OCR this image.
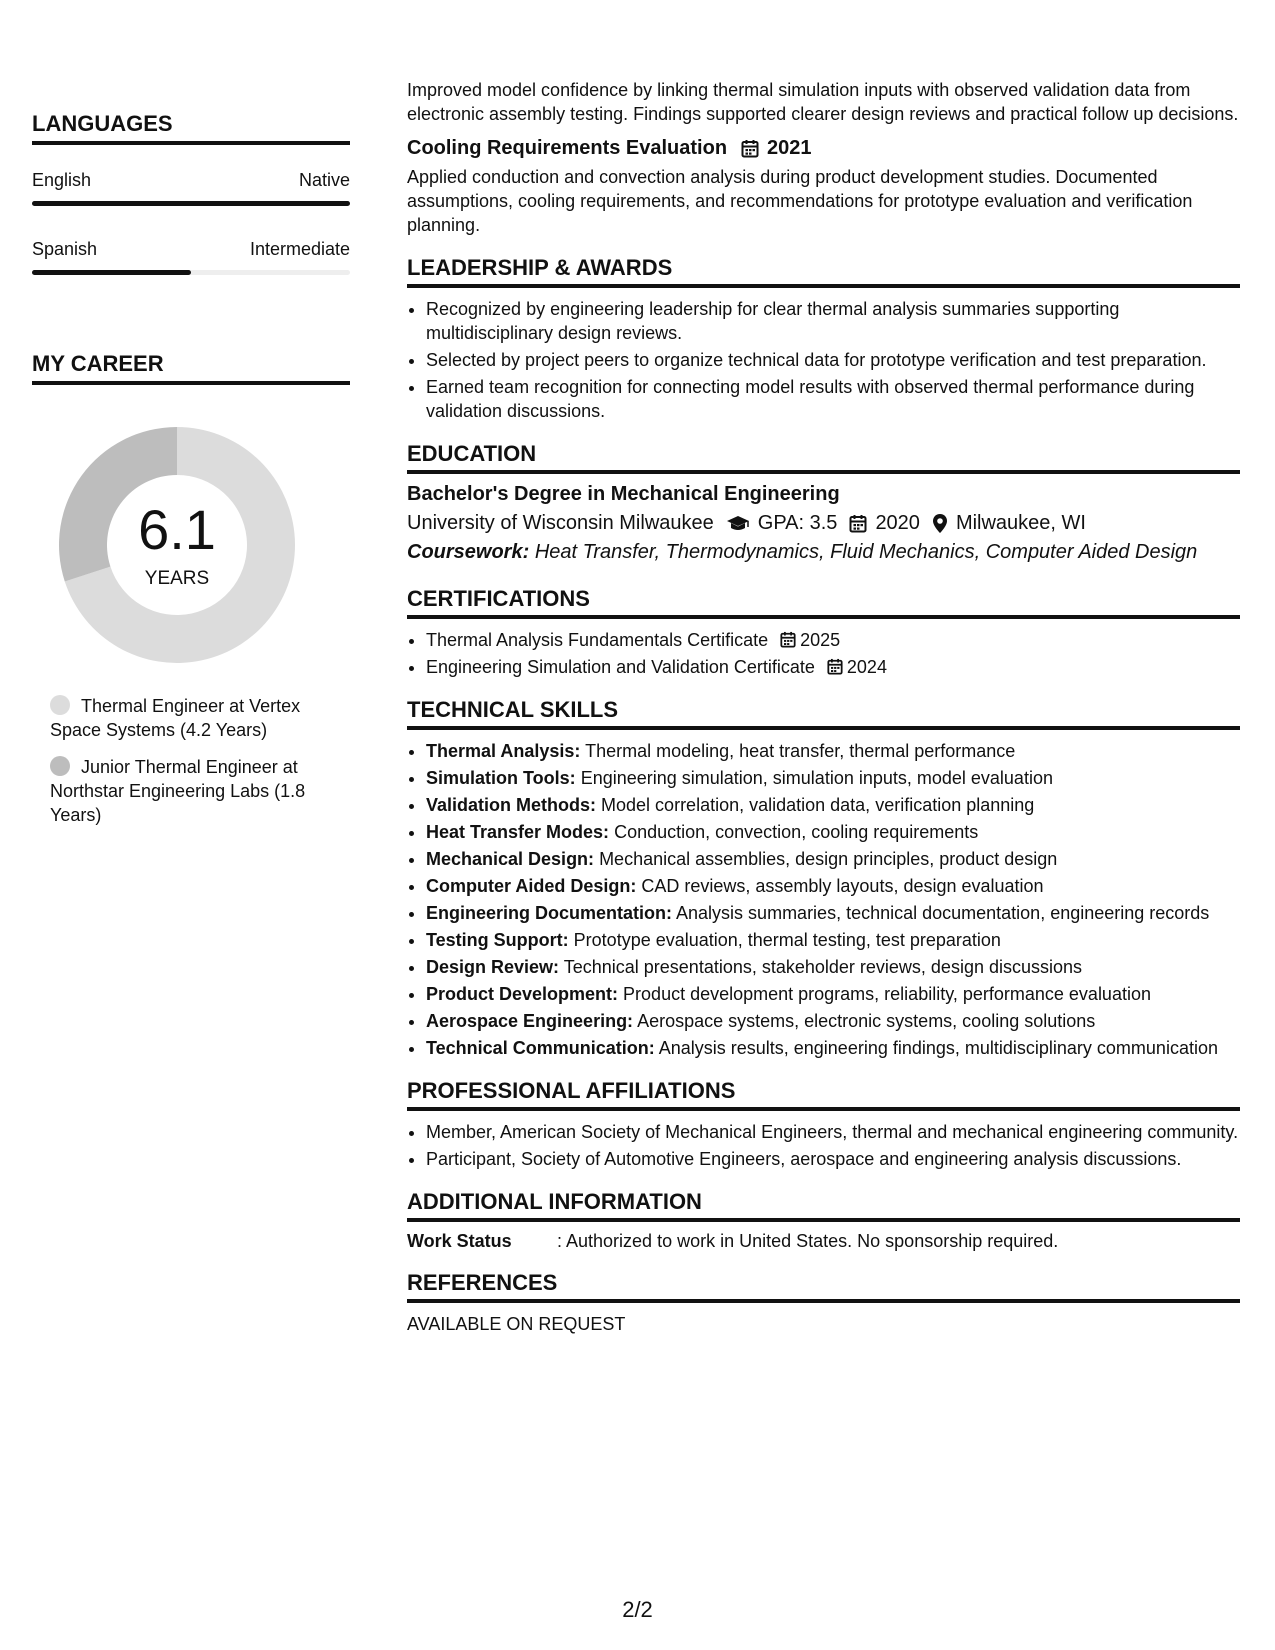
LANGUAGES
English	Native
Spanish	Intermediate
MY CAREER
6.1
YEARS
Thermal Engineer at Vertex Space Systems (4.2 Years)
Junior Thermal Engineer at Northstar Engineering Labs (1.8 Years)

Improved model confidence by linking thermal simulation inputs with observed validation data from electronic assembly testing. Findings supported clearer design reviews and practical follow up decisions.

Cooling Requirements Evaluation 2021

Applied conduction and convection analysis during product development studies. Documented assumptions, cooling requirements, and recommendations for prototype evaluation and verification planning.

LEADERSHIP & AWARDS
• Recognized by engineering leadership for clear thermal analysis summaries supporting multidisciplinary design reviews.
• Selected by project peers to organize technical data for prototype verification and test preparation.
• Earned team recognition for connecting model results with observed thermal performance during validation discussions.
EDUCATION
Bachelor's Degree in Mechanical Engineering
University of Wisconsin Milwaukee GPA: 3.5 2020 Milwaukee, WI
Coursework: Heat Transfer, Thermodynamics, Fluid Mechanics, Computer Aided Design
CERTIFICATIONS
• Thermal Analysis Fundamentals Certificate 2025
• Engineering Simulation and Validation Certificate 2024
TECHNICAL SKILLS
• Thermal Analysis: Thermal modeling, heat transfer, thermal performance
• Simulation Tools: Engineering simulation, simulation inputs, model evaluation
• Validation Methods: Model correlation, validation data, verification planning
• Heat Transfer Modes: Conduction, convection, cooling requirements
• Mechanical Design: Mechanical assemblies, design principles, product design
• Computer Aided Design: CAD reviews, assembly layouts, design evaluation
• Engineering Documentation: Analysis summaries, technical documentation, engineering records
• Testing Support: Prototype evaluation, thermal testing, test preparation
• Design Review: Technical presentations, stakeholder reviews, design discussions
• Product Development: Product development programs, reliability, performance evaluation
• Aerospace Engineering: Aerospace systems, electronic systems, cooling solutions
• Technical Communication: Analysis results, engineering findings, multidisciplinary communication
PROFESSIONAL AFFILIATIONS
• Member, American Society of Mechanical Engineers, thermal and mechanical engineering community.
• Participant, Society of Automotive Engineers, aerospace and engineering analysis discussions.
ADDITIONAL INFORMATION
Work Status	: Authorized to work in United States. No sponsorship required.
REFERENCES
AVAILABLE ON REQUEST
2/2
